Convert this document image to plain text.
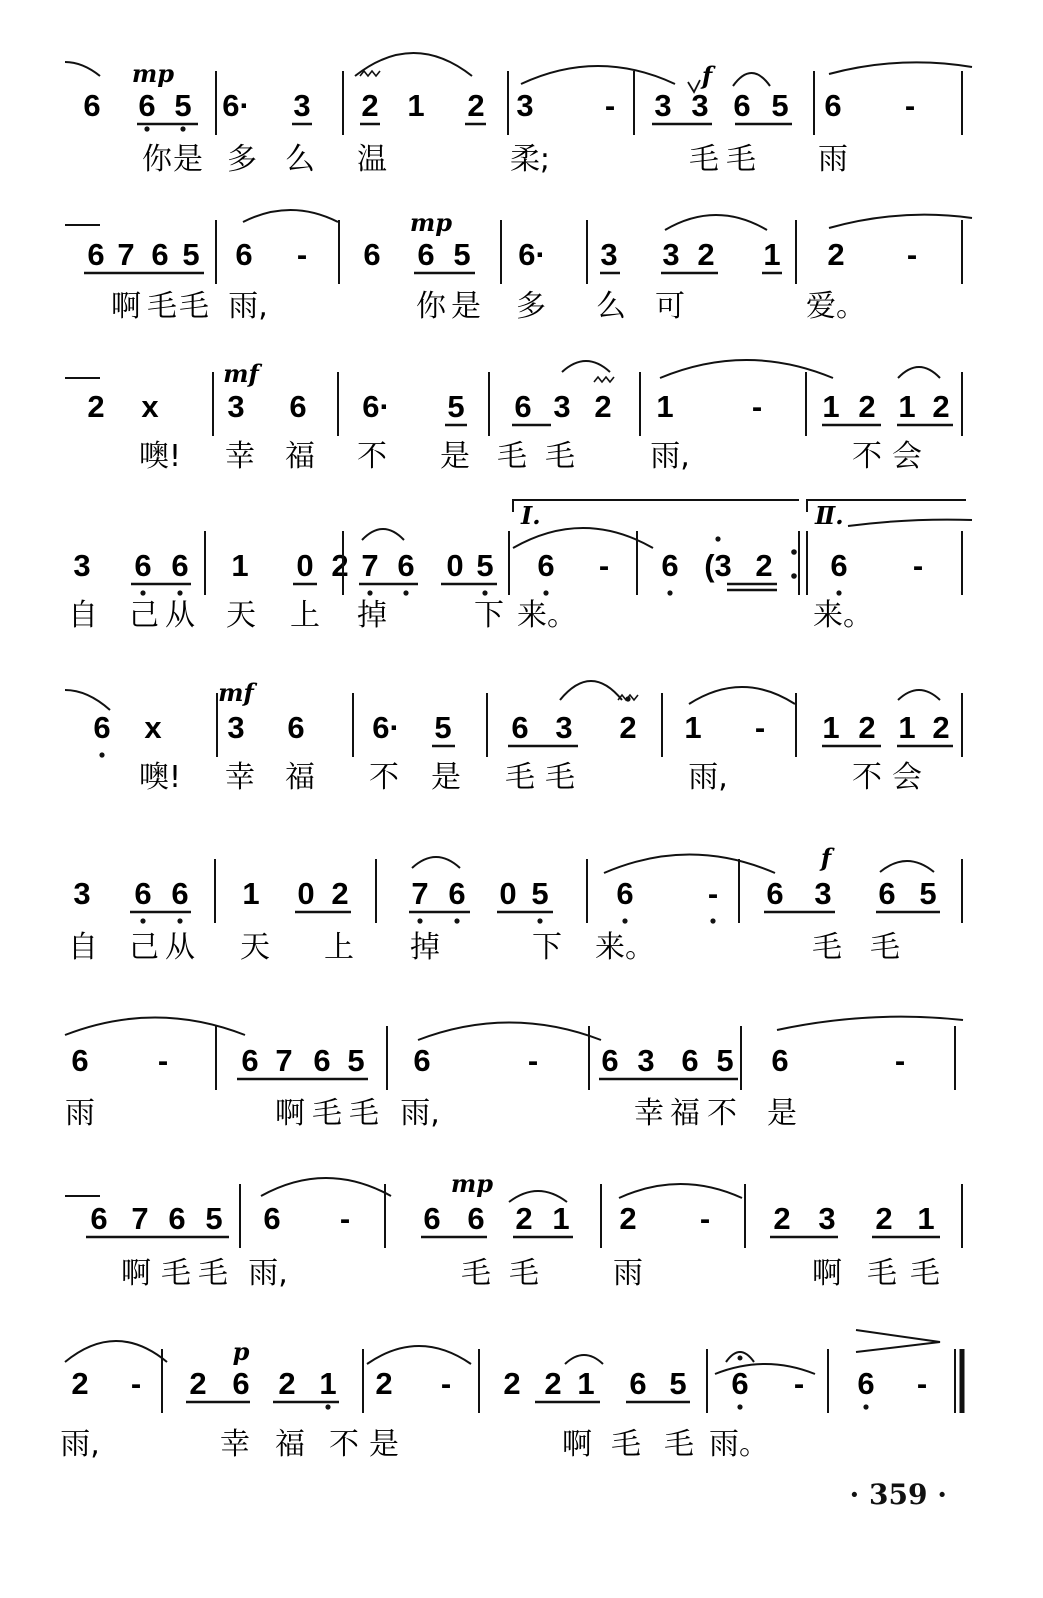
6 6 5 6· 3 2 1 2 3 - 3 3 6 5 6 -
你 是 多 么 温	柔;	毛 毛 雨
mp	f
6 7 6 5 6 - 6 6 5 6· 3 3 2 1 2 -
啊 毛 毛 雨,	你 是 多 么 可	爱。
mp
2 x 3 6 6· 5 6 3 2 1	- 1 2 1 2
噢! 幸 福 不 是 毛 毛	雨,	不 会
mf
3 6 6 1 0 2 7 6 0 5 6 - 6 (3 2 6 -
自 己 从 天 上 掉	下 来。	来。
Ⅰ.	Ⅱ.
6 x 3 6 6· 5 6 3 2 1 - 1 2 1 2
噢! 幸 福 不 是 毛 毛	雨,	不 会
mf
3 6 6 1 0 2 7 6 0 5 6 - 6 3 6 5
自 己 从 天 上 掉	下 来。	毛 毛
f
6 - 6 7 6 5 6	- 6 3 6 5 6	-
雨	啊 毛 毛 雨,	幸 福 不 是
6 7 6 5 6 - 6 6 2 1 2 - 2 3 2 1
啊 毛 毛 雨,	毛 毛 雨	啊 毛 毛
mp
2 - 2 6 2 1 2 - 2 2 1 6 5 6 - 6 -
雨,	幸 福 不 是	啊 毛 毛 雨。
p
· 359 ·
